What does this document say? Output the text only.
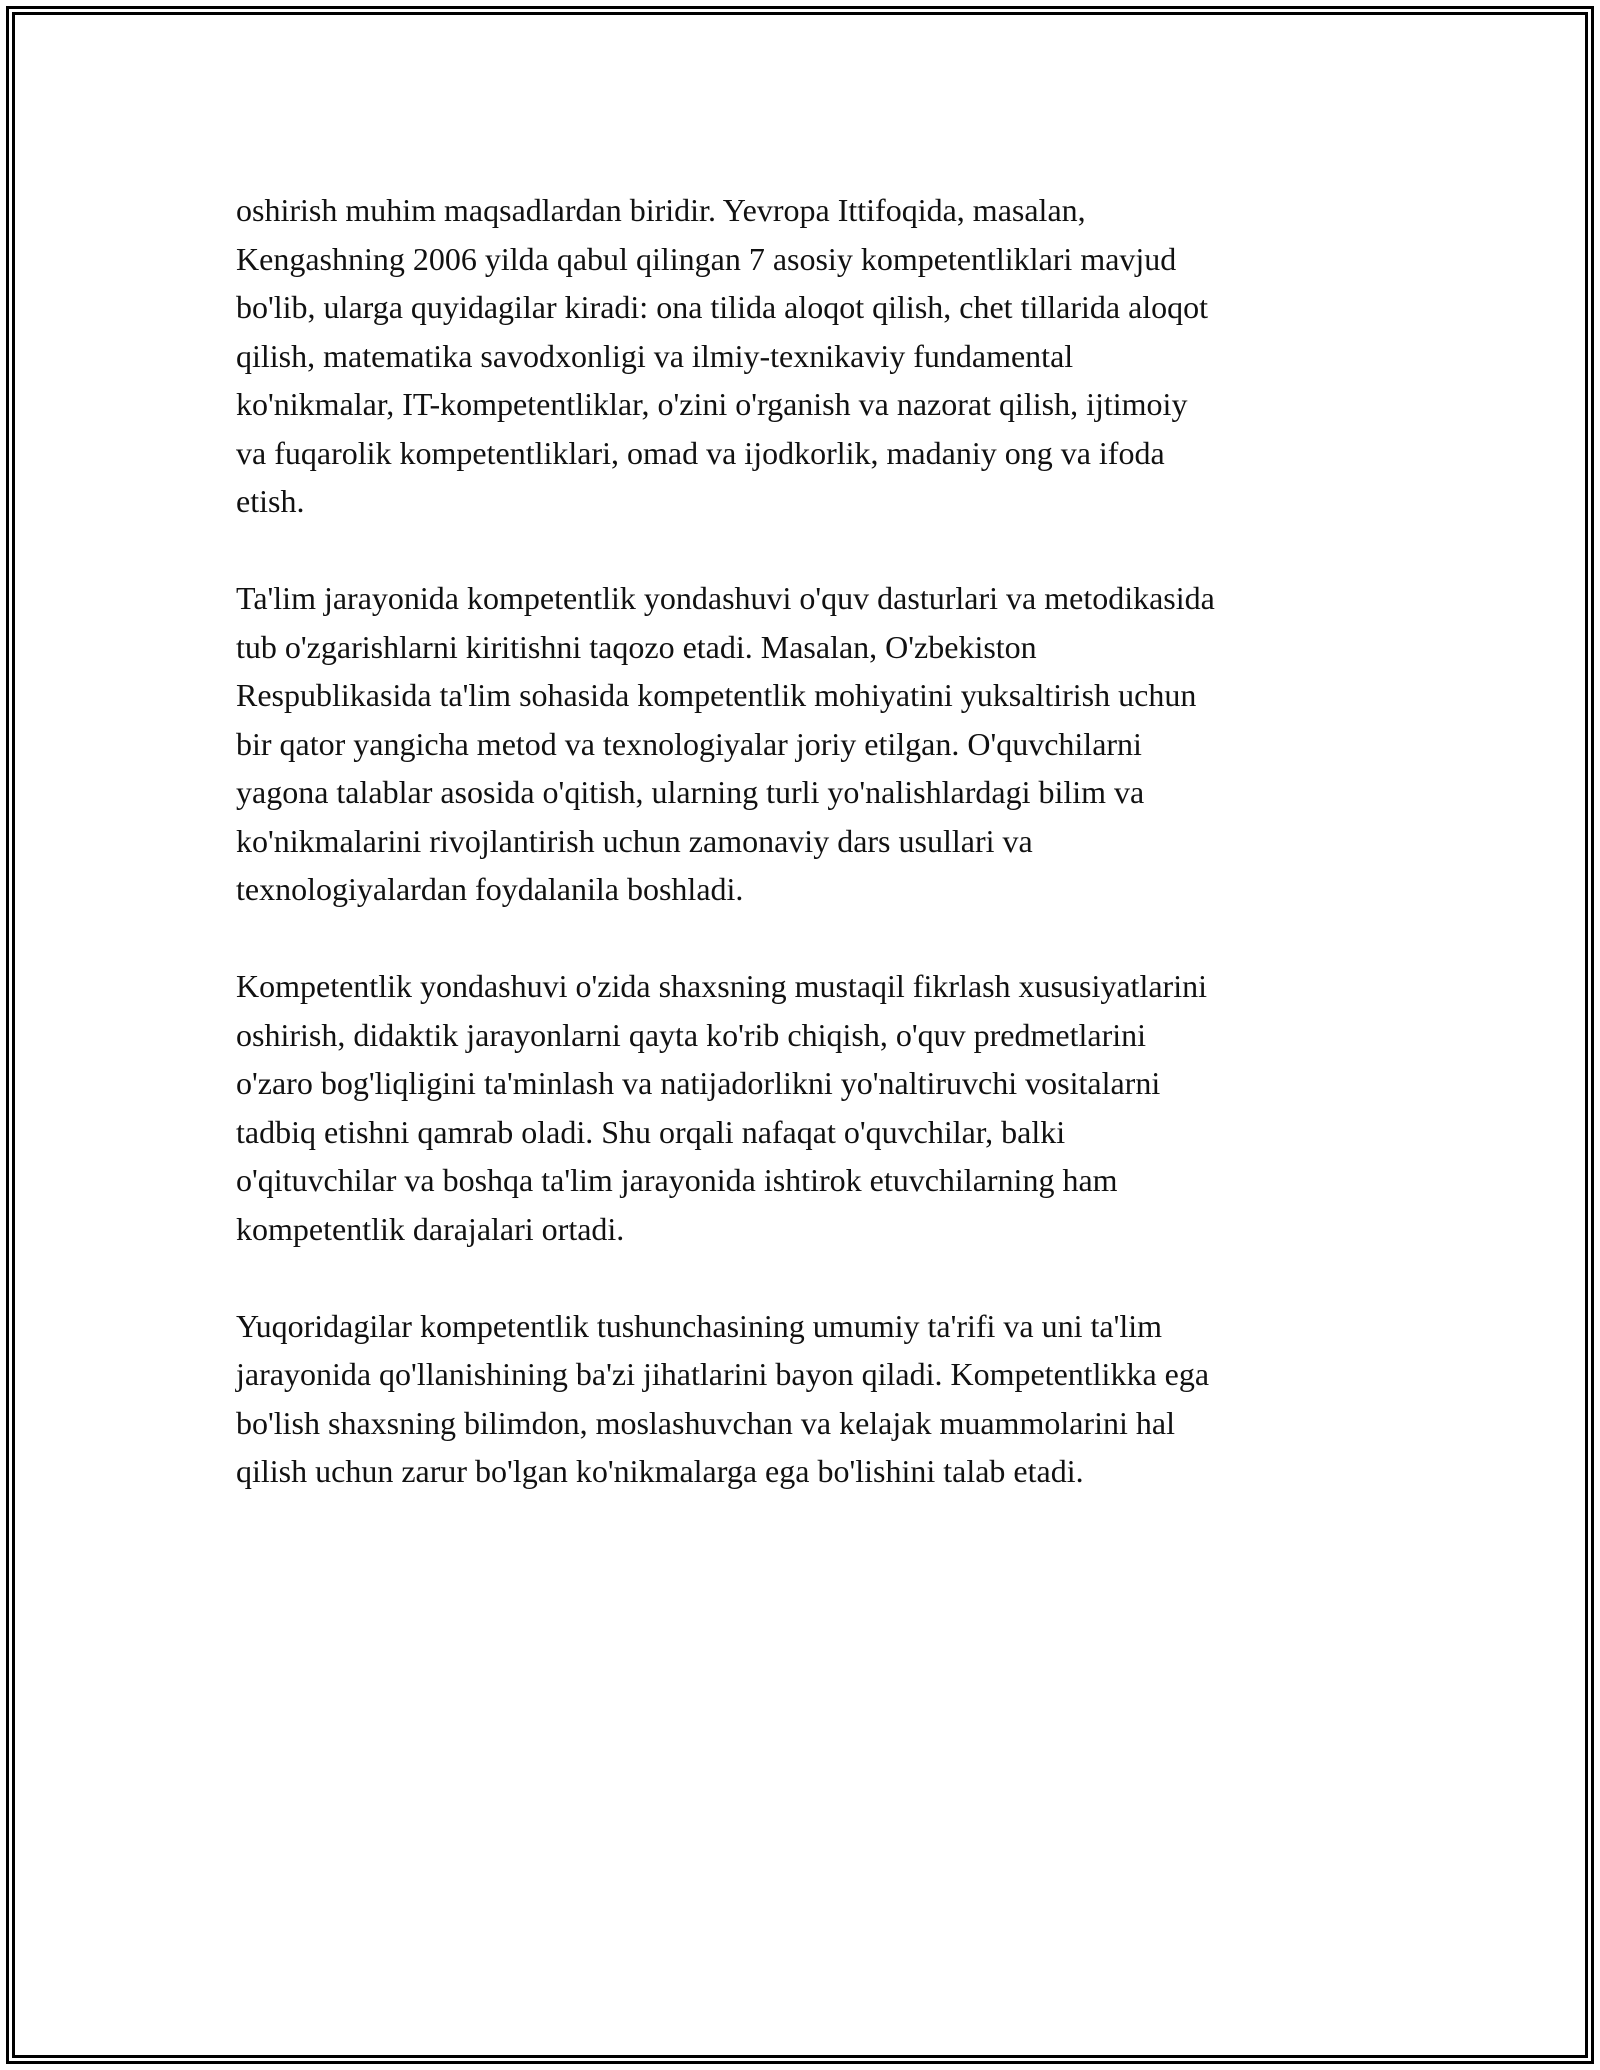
oshirish muhim maqsadlardan biridir. Yevropa Ittifoqida, masalan,
Kengashning 2006 yilda qabul qilingan 7 asosiy kompetentliklari mavjud
bo'lib, ularga quyidagilar kiradi: ona tilida aloqot qilish, chet tillarida aloqot
qilish, matematika savodxonligi va ilmiy-texnikaviy fundamental
ko'nikmalar, IT-kompetentliklar, o'zini o'rganish va nazorat qilish, ijtimoiy
va fuqarolik kompetentliklari, omad va ijodkorlik, madaniy ong va ifoda
etish.

Ta'lim jarayonida kompetentlik yondashuvi o'quv dasturlari va metodikasida
tub o'zgarishlarni kiritishni taqozo etadi. Masalan, O'zbekiston
Respublikasida ta'lim sohasida kompetentlik mohiyatini yuksaltirish uchun
bir qator yangicha metod va texnologiyalar joriy etilgan. O'quvchilarni
yagona talablar asosida o'qitish, ularning turli yo'nalishlardagi bilim va
ko'nikmalarini rivojlantirish uchun zamonaviy dars usullari va
texnologiyalardan foydalanila boshladi.

Kompetentlik yondashuvi o'zida shaxsning mustaqil fikrlash xususiyatlarini
oshirish, didaktik jarayonlarni qayta ko'rib chiqish, o'quv predmetlarini
o'zaro bog'liqligini ta'minlash va natijadorlikni yo'naltiruvchi vositalarni
tadbiq etishni qamrab oladi. Shu orqali nafaqat o'quvchilar, balki
o'qituvchilar va boshqa ta'lim jarayonida ishtirok etuvchilarning ham
kompetentlik darajalari ortadi.

Yuqoridagilar kompetentlik tushunchasining umumiy ta'rifi va uni ta'lim
jarayonida qo'llanishining ba'zi jihatlarini bayon qiladi. Kompetentlikka ega
bo'lish shaxsning bilimdon, moslashuvchan va kelajak muammolarini hal
qilish uchun zarur bo'lgan ko'nikmalarga ega bo'lishini talab etadi.
